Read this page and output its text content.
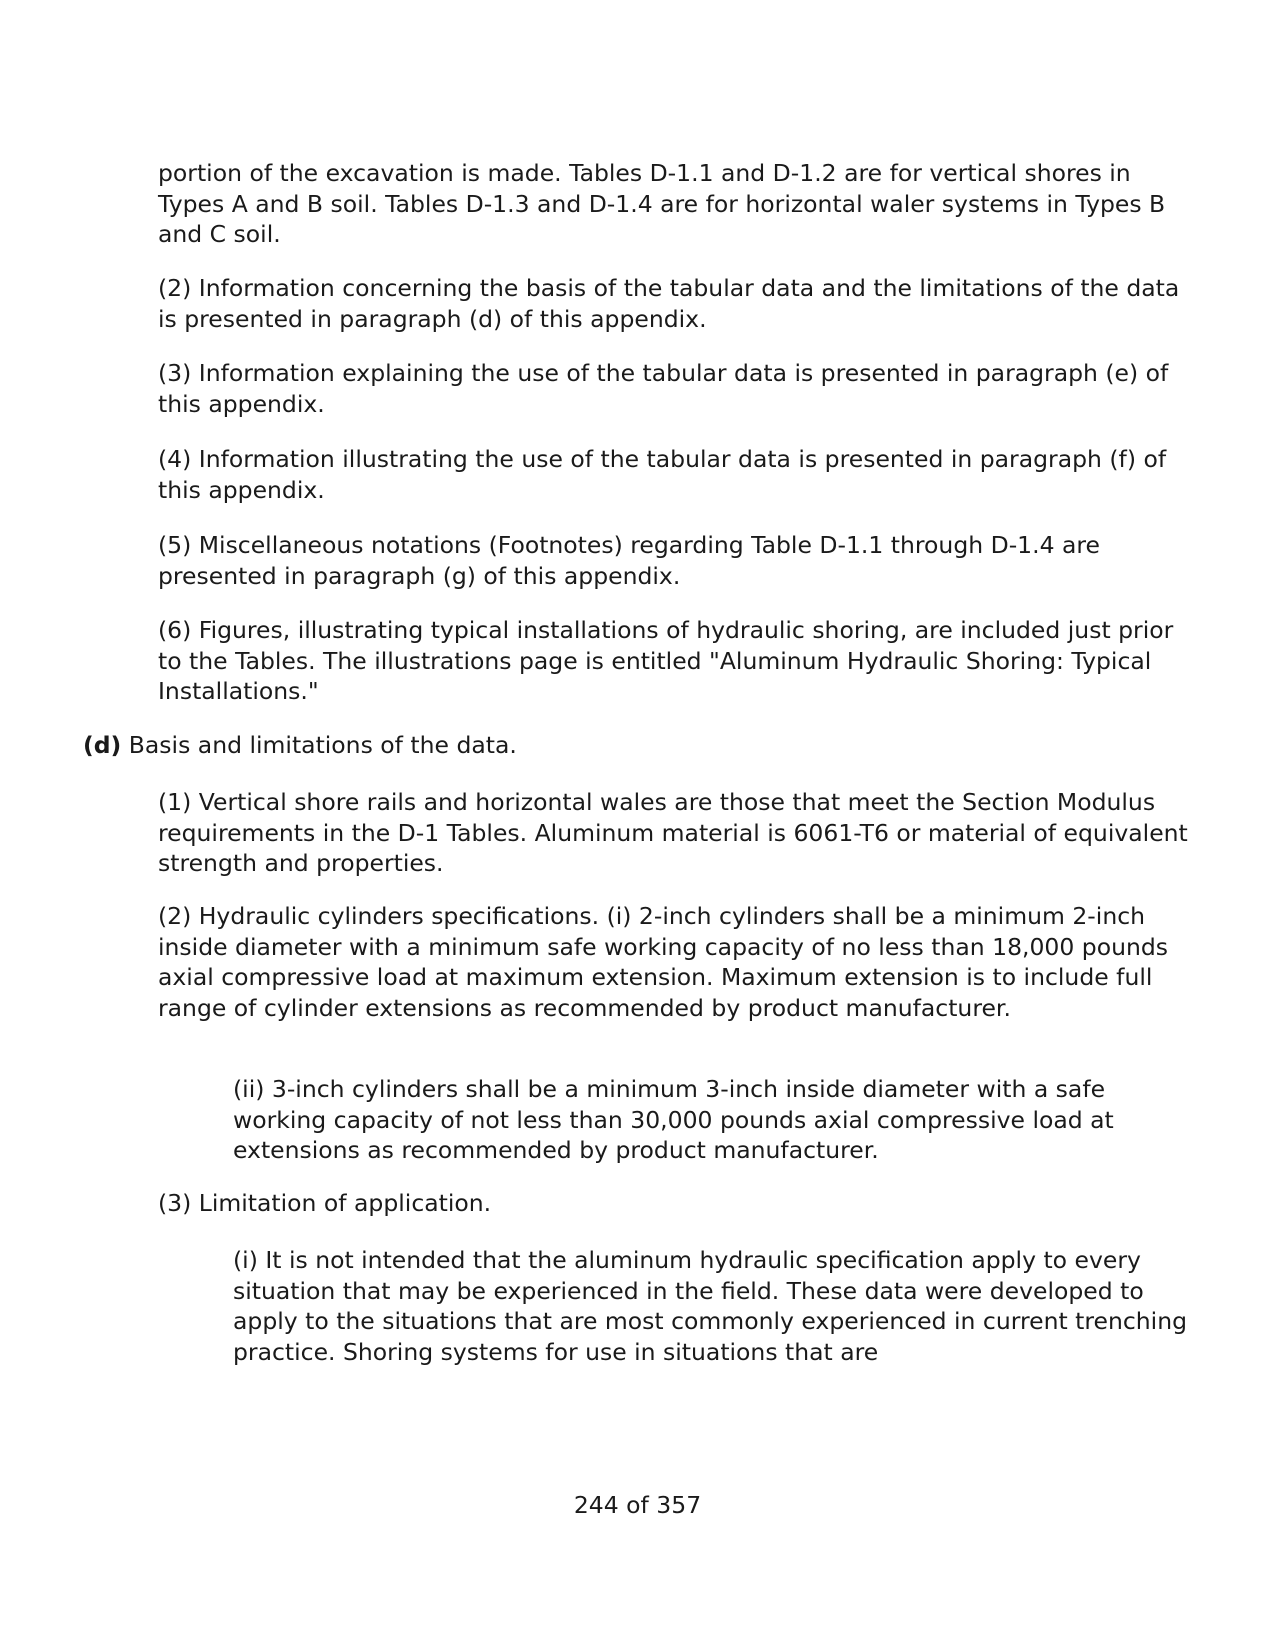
portion of the excavation is made. Tables D-1.1 and D-1.2 are for vertical shores in Types A and B soil. Tables D-1.3 and D-1.4 are for horizontal waler systems in Types B and C soil.

(2) Information concerning the basis of the tabular data and the limitations of the data is presented in paragraph (d) of this appendix.

(3) Information explaining the use of the tabular data is presented in paragraph (e) of this appendix.

(4) Information illustrating the use of the tabular data is presented in paragraph (f) of this appendix.

(5) Miscellaneous notations (Footnotes) regarding Table D-1.1 through D-1.4 are presented in paragraph (g) of this appendix.

(6) Figures, illustrating typical installations of hydraulic shoring, are included just prior to the Tables. The illustrations page is entitled "Aluminum Hydraulic Shoring: Typical Installations."

(d) Basis and limitations of the data.

(1) Vertical shore rails and horizontal wales are those that meet the Section Modulus requirements in the D-1 Tables. Aluminum material is 6061-T6 or material of equivalent strength and properties.

(2) Hydraulic cylinders specifications. (i) 2-inch cylinders shall be a minimum 2-inch inside diameter with a minimum safe working capacity of no less than 18,000 pounds axial compressive load at maximum extension. Maximum extension is to include full range of cylinder extensions as recommended by product manufacturer.

(ii) 3-inch cylinders shall be a minimum 3-inch inside diameter with a safe working capacity of not less than 30,000 pounds axial compressive load at extensions as recommended by product manufacturer.

(3) Limitation of application.

(i) It is not intended that the aluminum hydraulic specification apply to every situation that may be experienced in the field. These data were developed to apply to the situations that are most commonly experienced in current trenching practice. Shoring systems for use in situations that are

244 of 357
